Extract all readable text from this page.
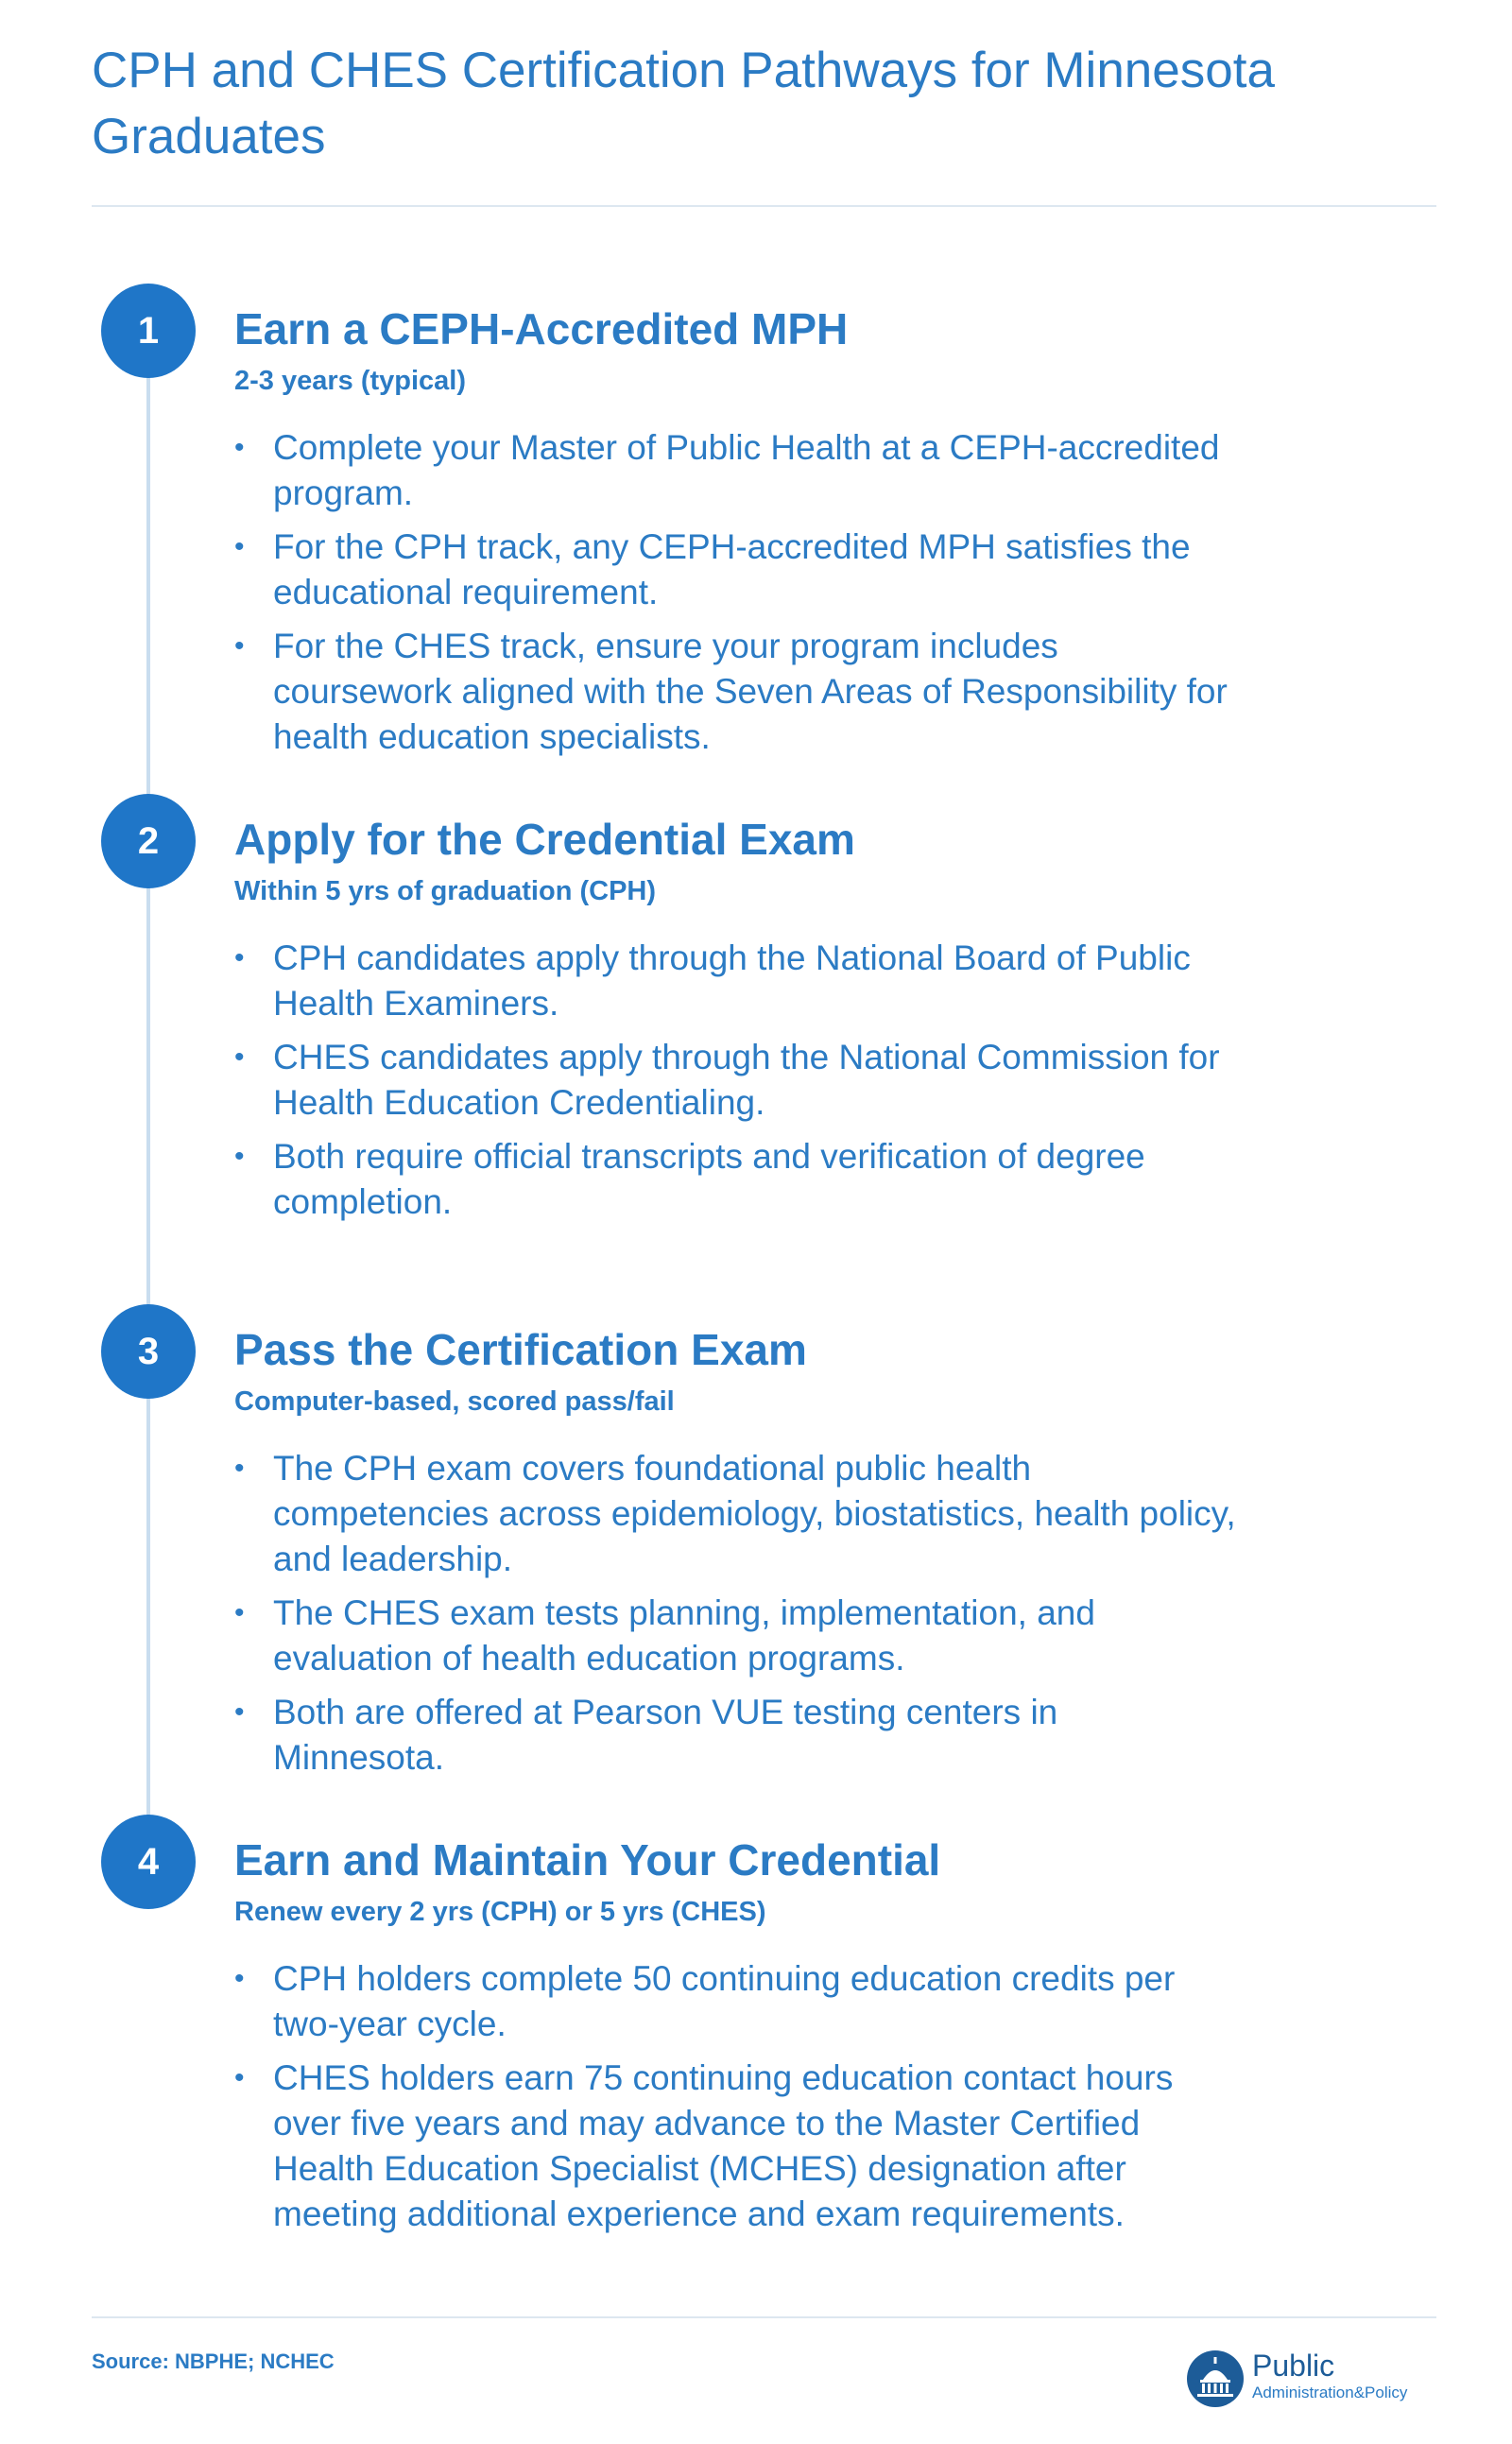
CPH and CHES Certification Pathways for Minnesota Graduates
1	Earn a CEPH-Accredited MPH
2-3 years (typical)
• Complete your Master of Public Health at a CEPH-accredited program.
• For the CPH track, any CEPH-accredited MPH satisfies the educational requirement.
• For the CHES track, ensure your program includes coursework aligned with the Seven Areas of Responsibility for health education specialists.
2	Apply for the Credential Exam
Within 5 yrs of graduation (CPH)
• CPH candidates apply through the National Board of Public Health Examiners.
• CHES candidates apply through the National Commission for Health Education Credentialing.
• Both require official transcripts and verification of degree completion.
3	Pass the Certification Exam
Computer-based, scored pass/fail
• The CPH exam covers foundational public health competencies across epidemiology, biostatistics, health policy, and leadership.
• The CHES exam tests planning, implementation, and evaluation of health education programs.
• Both are offered at Pearson VUE testing centers in Minnesota.
4	Earn and Maintain Your Credential
Renew every 2 yrs (CPH) or 5 yrs (CHES)
• CPH holders complete 50 continuing education credits per two-year cycle.
• CHES holders earn 75 continuing education contact hours over five years and may advance to the Master Certified Health Education Specialist (MCHES) designation after meeting additional experience and exam requirements.
Source: NBPHE; NCHEC	Public
Administration&Policy
